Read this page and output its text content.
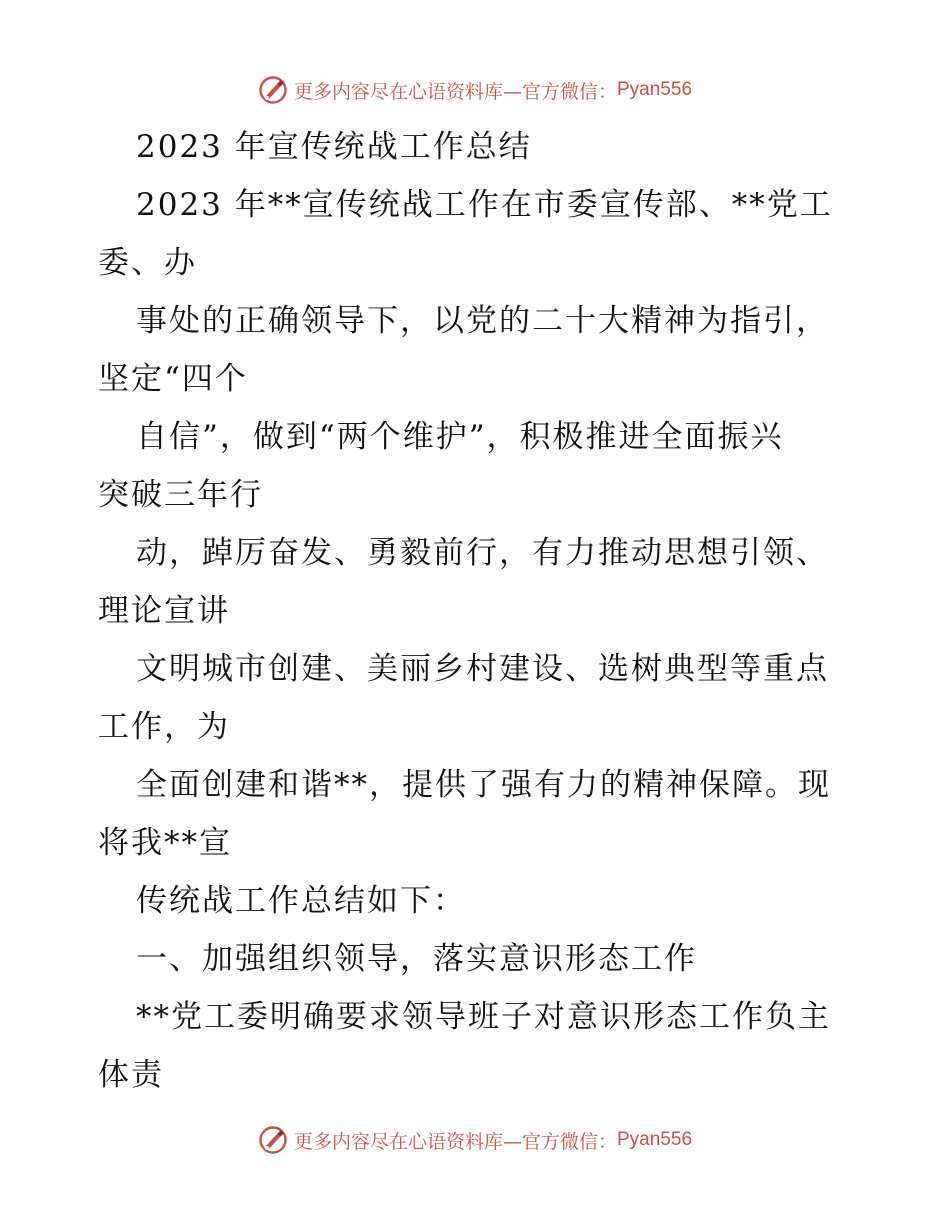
更多内容尽在心语资料库—官方微信： Pyan556
2023 年宣传统战工作总结
2023 年**宣传统战工作在市委宣传部、**党工
委、办
事处的正确领导下，以党的二十大精神为指引，
坚定“四个
自信”，做到“两个维护”，积极推进全面振兴
突破三年行
动，踔厉奋发、勇毅前行，有力推动思想引领、
理论宣讲
文明城市创建、美丽乡村建设、选树典型等重点
工作，为
全面创建和谐**，提供了强有力的精神保障。现
将我**宣
传统战工作总结如下：
一、加强组织领导，落实意识形态工作
**党工委明确要求领导班子对意识形态工作负主
体责
更多内容尽在心语资料库—官方微信： Pyan556
